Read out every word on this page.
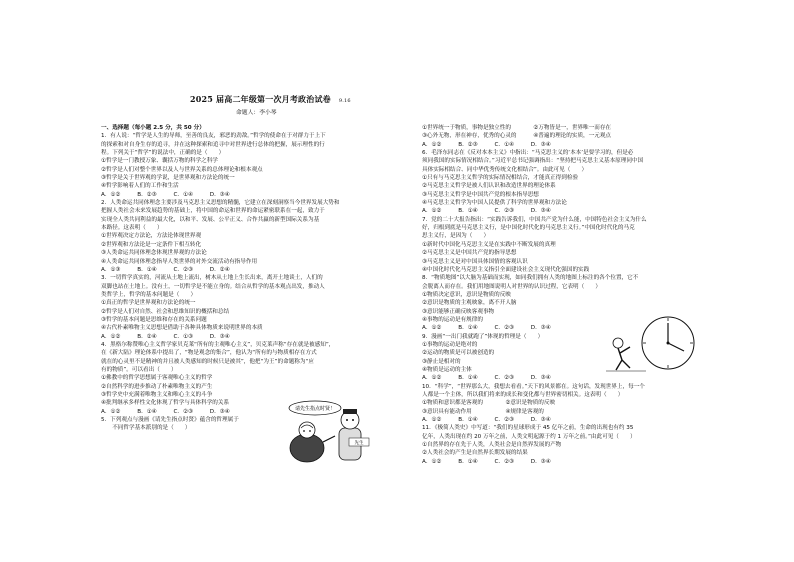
2025 届高二年级第一次月考政治试卷 9.16
命题人：李小琴

一、选择题（每小题 2.5 分，共 50 分）

1．有人说：“哲学是人生的导师，至善的良友，邪恶的劲敌。”哲学的使命在于对群力于上下

的探索和对自身生存的追寻，并在这种探索和追寻中对世界进行总体的把握，展示理性的行

程。下列关于“哲学”的说法中，正确的是（　　）

①哲学是一门教授万象、囊括万物的科学之科学

②哲学是人们对整个世界以及人与世界关系的总体理论和根本观点

③哲学是关于世界观的学说，是世界观和方法论的统一

④哲学影响着人们的工作和生活

A．①②　　　B．②③　　　C．①④　　　D．③④

2．人类命运共同体理念主要涉及马克思主义思想的精髓，它建立在深刻洞察当今世界发展大势和

把握人类社会未来发展趋势的基础上，将中国的命运和世界的命运紧密联系在一起，致力于

实现全人类共同利益的最大化，以和平、发展、公平正义、合作共赢的新型国际关系为基

本路径。这表明（　　）

①世界观决定方法论，方法论体现世界观

②世界观和方法论是一定条件下相互转化

③人类命运共同体理念体现世界观的方法论

④人类命运共同体理念指导人类世界的对外交流活动有指导作用

A．①③　　　B．①④　　　C．②③　　　D．②④

3．一切哲学真实的，河流从土地上流出，树木从土地上生长出来，离开土地谈土，人们的

双脚也站在土地上。没有土，一切哲学是不能立身的。结合从哲学的基本观点出发，推动人

类哲学上，哲学的基本问题是（　　）

①真正的哲学是世界观和方法论的统一

②哲学是人们对自然、社会和思维知识的概括和总结

③哲学的基本问题是思维和存在的关系问题

④古代朴素唯物主义思想是借助于各种具体物质来说明世界的本质

A．①②　　　B．②④　　　C．①③　　　D．③④

4．黑格尔称赞唯心主义哲学家贝克莱“所有的主观唯心主义”，贝克莱声称“存在就是被感知”，

在《新大陆》理论体系中提出了，“物是观念的集合”，他认为“所有的与物质相存在方式

就在的心灵里不是精神的并且被人类感知的时候只是被其”，他把“为王”的命题称为“应

有的物质”。可以看出（　　）

①佛教中的哲学思想属于客观唯心主义的哲学

②自然科学的进步推动了朴素唯物主义的产生

③哲学史中充满着唯物主义和唯心主义的斗争

④批判继承多样性文化体现了哲学与具体科学的关系

A．①②　　　B．①④　　　C．②③　　　D．③④

5．下列观点与漫画《请先生指点时贤》蕴含的哲理属于

　　不同哲学基本派别的是（　　）

①世界统一于物质，事物是独立性的　　　　②万物皆是一，世界唯一而存在

③心外无物，形在神存，优秀的心灵的　　　④普遍的理论的实质，一元观点

A．①②　　　B．②③　　　C．①④　　　D．③④

6．毛泽东同志在《反对本本主义》中指出：“马克思主义的‘本本’是要学习的，但是必

须同我国的实际情况相结合。”习近平总书记强调指出：“坚持把马克思主义基本原理同中国

具体实际相结合、同中华优秀传统文化相结合”。由此可见（　　）

①只有与马克思主义哲学的实际情况相结合，才能真正得到检验

②马克思主义哲学是被人们认识和改造世界的理论体系

③马克思主义哲学是中国共产党的根本指导思想

④马克思主义哲学为中国人民提供了科学的世界观和方法论

A．①②　　　B．①④　　　C．②③　　　D．③④

7．党的二十大报告指出：“实践告诉我们，中国共产党为什么能，中国特色社会主义为什么

好，归根到底是马克思主义行，是中国化时代化的马克思主义行。”中国化时代化的马克

思主义行，是因为（　　）

①新时代中国化马克思主义是在实践中不断发展的真理

②马克思主义是中国共产党的指导思想

③马克思主义是对中国具体国情的客观认识

④中国化时代化马克思主义指引全面建设社会主义现代化强国的实践

8．“物质地图”以大脑为基础而实现，如同我们拥有人类的地图上标注的各个位置，它不

会脱离人而存在。我们用地图说明人对世界的认识过程，它表明（　　）

①物质决定意识，意识是物质的反映

②意识是物质的主观映象，离不开人脑

③意识能够正确反映客观事物

④事物的运动是有规律的

A．①②　　　B．①④　　　C．②③　　　D．③④

9．漫画“一出门我就跑了”体现的哲理是（　　）

①事物的运动是绝对的

②运动的物质是可以被创造的

③静止是相对的

④物质是运动的主体

A．①②　　　B．①④　　　C．②③　　　D．③④

10．“科学”，“世界那么大，我想去看看。”天下的风景都在。这句话，发现世界上，每一个

人都是一个主体，所以我们将来的成长和变化都与世界密切相关。这表明（　　）

①物质和意识都是客观的　　　　②意识是物质的反映

③意识具有能动作用　　　　　　④规律是客观的

A．①②　　　B．①④　　　C．②③　　　D．③④

11．《极简人类史》中写道：“我们的星球形成于 45 亿年之前，生命的出现也有约 35

亿年，人类出现在约 20 万年之前，人类文明起源于约 1 万年之前。”由此可见（　　）

①自然界的存在先于人类，人类社会是自然界发展的产物

②人类社会的产生是自然界长期发展的结果

A．①②　　　B．①④　　　C．②③　　　D．③④

请先生指点时贤！
先生
